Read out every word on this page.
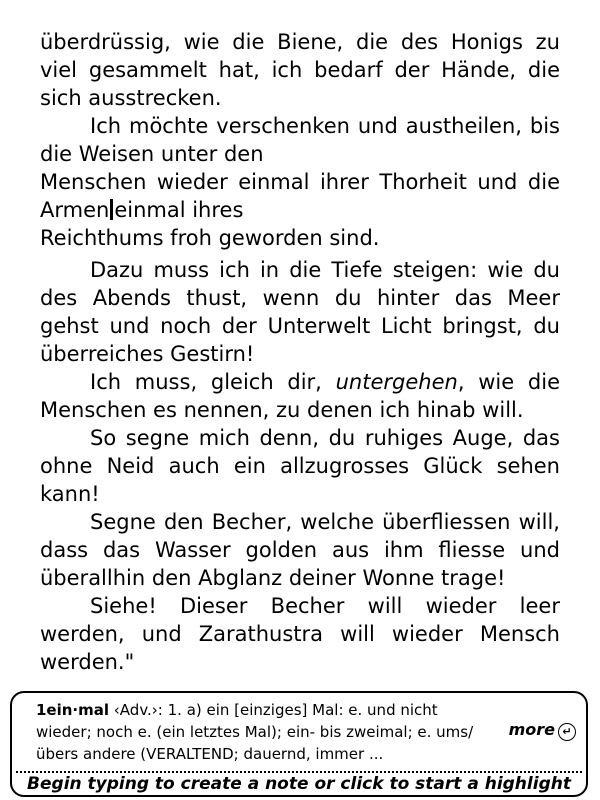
überdrüssig, wie die Biene, die des Honigs zu viel gesammelt hat, ich bedarf der Hände, die sich ausstrecken.

Ich möchte verschenken und austheilen, bis die Weisen unter den
Menschen wieder einmal ihrer Thorheit und die Armen einmal ihres
Reichthums froh geworden sind.

Dazu muss ich in die Tiefe steigen: wie du des Abends thust, wenn du hinter das Meer gehst und noch der Unterwelt Licht bringst, du überreiches Gestirn!

Ich muss, gleich dir, untergehen, wie die Menschen es nennen, zu denen ich hinab will.

So segne mich denn, du ruhiges Auge, das ohne Neid auch ein allzugrosses Glück sehen kann!

Segne den Becher, welche überfliessen will, dass das Wasser golden aus ihm fliesse und überallhin den Abglanz deiner Wonne trage!

Siehe! Dieser Becher will wieder leer werden, und Zarathustra will wieder Mensch werden."

1ein·mal ‹Adv.›: 1. a) ein [einziges] Mal: e. und nicht wieder; noch e. (ein letztes Mal); ein- bis zweimal; e. ums/übers andere (VERALTEND; dauernd, immer ...
more ↵
Begin typing to create a note or click to start a highlight
